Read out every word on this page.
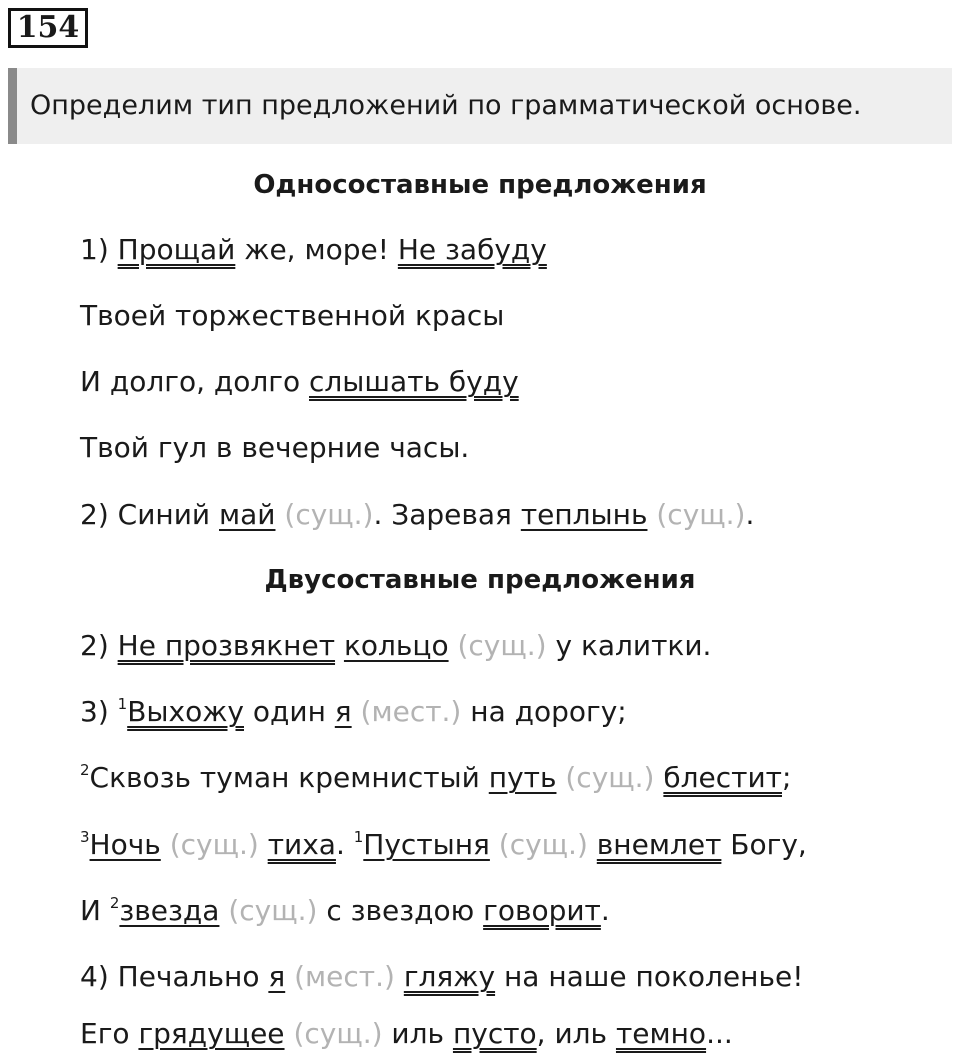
154
Определим тип предложений по грамматической основе.
Односоставные предложения
1) Прощай же, море! Не забуду
Твоей торжественной красы
И долго, долго слышать буду
Твой гул в вечерние часы.
2) Синий май (сущ.). Заревая теплынь (сущ.).
Двусоставные предложения
2) Не прозвякнет кольцо (сущ.) у калитки.
3) $^1$Выхожу один я (мест.) на дорогу;
$^2$Сквозь туман кремнистый путь (сущ.) блестит;
$^3$Ночь (сущ.) тиха. $^1$Пустыня (сущ.) внемлет Богу,
И $^2$звезда (сущ.) с звездою говорит.
4) Печально я (мест.) гляжу на наше поколенье!
Его грядущее (сущ.) иль пусто, иль темно...
